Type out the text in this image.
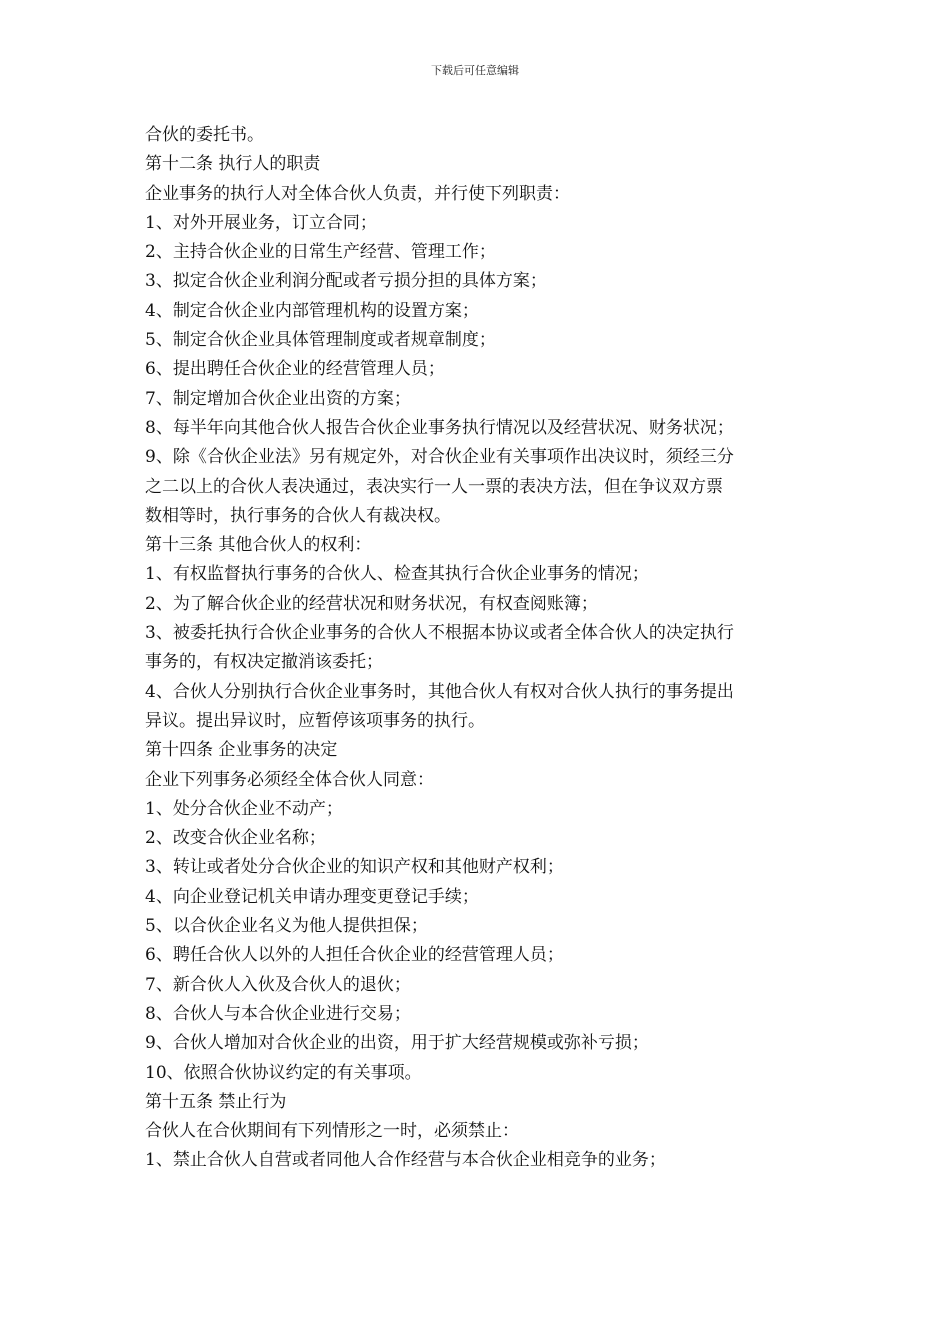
下载后可任意编辑
合伙的委托书。
第十二条 执行人的职责
企业事务的执行人对全体合伙人负责，并行使下列职责：
1、对外开展业务，订立合同；
2、主持合伙企业的日常生产经营、管理工作；
3、拟定合伙企业利润分配或者亏损分担的具体方案；
4、制定合伙企业内部管理机构的设置方案；
5、制定合伙企业具体管理制度或者规章制度；
6、提出聘任合伙企业的经营管理人员；
7、制定增加合伙企业出资的方案；
8、每半年向其他合伙人报告合伙企业事务执行情况以及经营状况、财务状况；
9、除《合伙企业法》另有规定外，对合伙企业有关事项作出决议时，须经三分
之二以上的合伙人表决通过，表决实行一人一票的表决方法，但在争议双方票
数相等时，执行事务的合伙人有裁决权。
第十三条 其他合伙人的权利：
1、有权监督执行事务的合伙人、检查其执行合伙企业事务的情况；
2、为了解合伙企业的经营状况和财务状况，有权查阅账簿；
3、被委托执行合伙企业事务的合伙人不根据本协议或者全体合伙人的决定执行
事务的，有权决定撤消该委托；
4、合伙人分别执行合伙企业事务时，其他合伙人有权对合伙人执行的事务提出
异议。提出异议时，应暂停该项事务的执行。
第十四条 企业事务的决定
企业下列事务必须经全体合伙人同意：
1、处分合伙企业不动产；
2、改变合伙企业名称；
3、转让或者处分合伙企业的知识产权和其他财产权利；
4、向企业登记机关申请办理变更登记手续；
5、以合伙企业名义为他人提供担保；
6、聘任合伙人以外的人担任合伙企业的经营管理人员；
7、新合伙人入伙及合伙人的退伙；
8、合伙人与本合伙企业进行交易；
9、合伙人增加对合伙企业的出资，用于扩大经营规模或弥补亏损；
10、依照合伙协议约定的有关事项。
第十五条 禁止行为
合伙人在合伙期间有下列情形之一时，必须禁止：
1、禁止合伙人自营或者同他人合作经营与本合伙企业相竞争的业务；
